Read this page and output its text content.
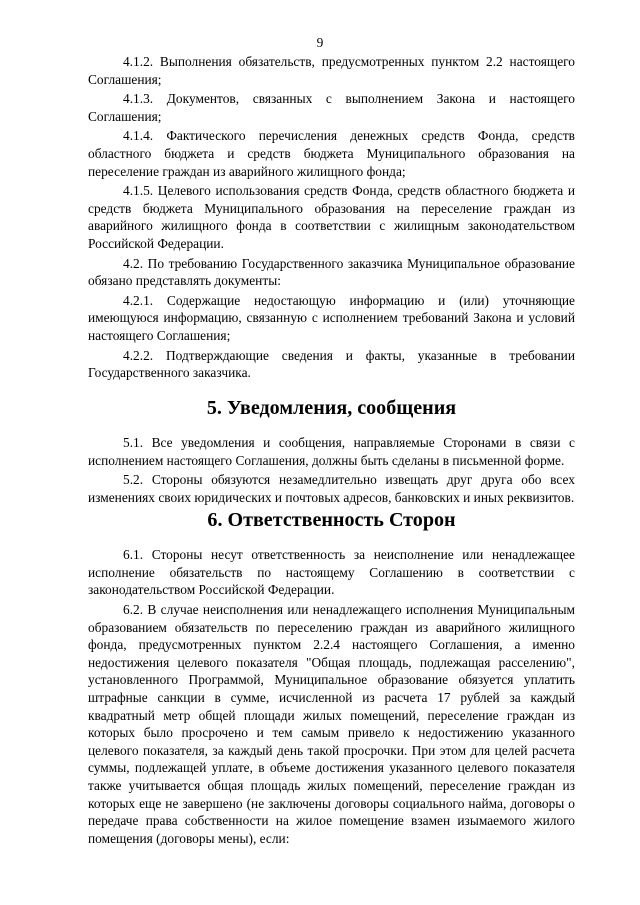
9

4.1.2. Выполнения обязательств, предусмотренных пунктом 2.2 настоящего Соглашения;

4.1.3. Документов, связанных с выполнением Закона и настоящего Соглашения;

4.1.4. Фактического перечисления денежных средств Фонда, средств областного бюджета и средств бюджета Муниципального образования на переселение граждан из аварийного жилищного фонда;

4.1.5. Целевого использования средств Фонда, средств областного бюджета и средств бюджета Муниципального образования на переселение граждан из аварийного жилищного фонда в соответствии с жилищным законодательством Российской Федерации.

4.2. По требованию Государственного заказчика Муниципальное образование обязано представлять документы:

4.2.1. Содержащие недостающую информацию и (или) уточняющие имеющуюся информацию, связанную с исполнением требований Закона и условий настоящего Соглашения;

4.2.2. Подтверждающие сведения и факты, указанные в требовании Государственного заказчика.

5. Уведомления, сообщения

5.1. Все уведомления и сообщения, направляемые Сторонами в связи с исполнением настоящего Соглашения, должны быть сделаны в письменной форме.

5.2. Стороны обязуются незамедлительно извещать друг друга обо всех изменениях своих юридических и почтовых адресов, банковских и иных реквизитов.

6. Ответственность Сторон

6.1. Стороны несут ответственность за неисполнение или ненадлежащее исполнение обязательств по настоящему Соглашению в соответствии с законодательством Российской Федерации.

6.2. В случае неисполнения или ненадлежащего исполнения Муниципальным образованием обязательств по переселению граждан из аварийного жилищного фонда, предусмотренных пунктом 2.2.4 настоящего Соглашения, а именно недостижения целевого показателя "Общая площадь, подлежащая расселению", установленного Программой, Муниципальное образование обязуется уплатить штрафные санкции в сумме, исчисленной из расчета 17 рублей за каждый квадратный метр общей площади жилых помещений, переселение граждан из которых было просрочено и тем самым привело к недостижению указанного целевого показателя, за каждый день такой просрочки. При этом для целей расчета суммы, подлежащей уплате, в объеме достижения указанного целевого показателя также учитывается общая площадь жилых помещений, переселение граждан из которых еще не завершено (не заключены договоры социального найма, договоры о передаче права собственности на жилое помещение взамен изымаемого жилого помещения (договоры мены), если:
